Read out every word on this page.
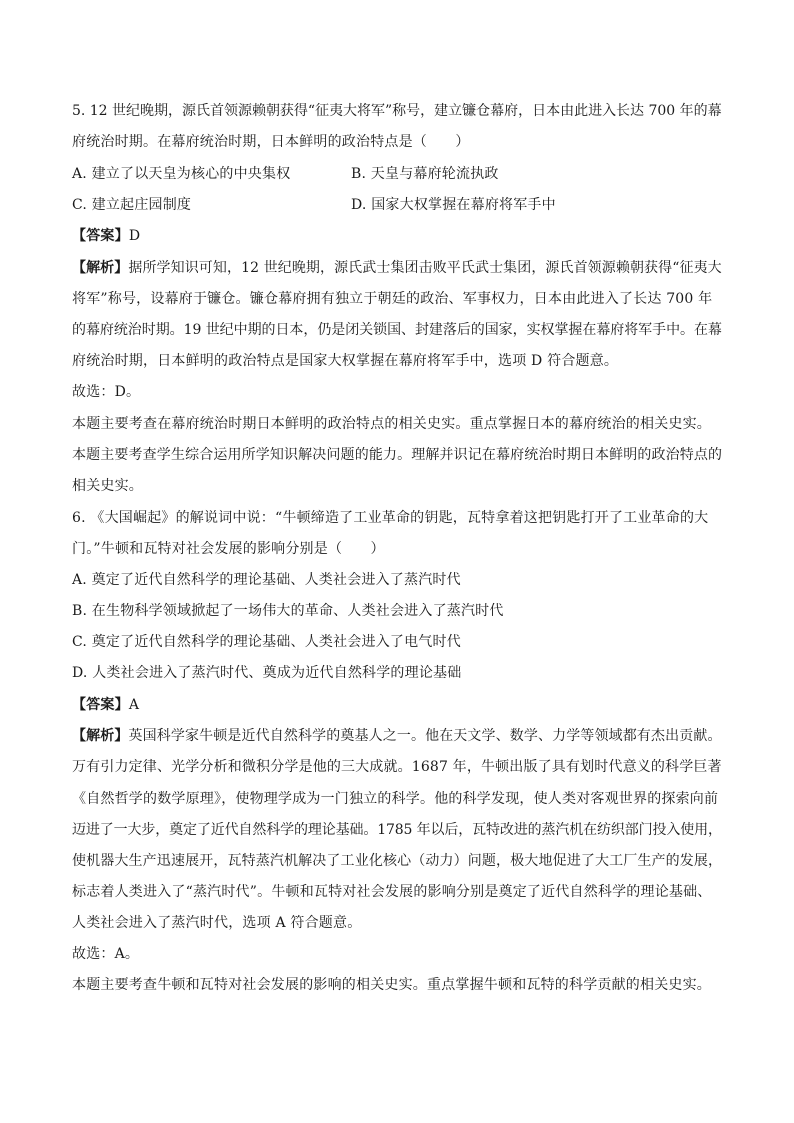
5. 12 世纪晚期，源氏首领源赖朝获得“征夷大将军”称号，建立镰仓幕府，日本由此进入长达 700 年的幕
府统治时期。在幕府统治时期，日本鲜明的政治特点是（　　）
A. 建立了以天皇为核心的中央集权	B. 天皇与幕府轮流执政
C. 建立起庄园制度	D. 国家大权掌握在幕府将军手中
【答案】D
【解析】据所学知识可知，12 世纪晚期，源氏武士集团击败平氏武士集团，源氏首领源赖朝获得“征夷大
将军”称号，设幕府于镰仓。镰仓幕府拥有独立于朝廷的政治、军事权力，日本由此进入了长达 700 年
的幕府统治时期。19 世纪中期的日本，仍是闭关锁国、封建落后的国家，实权掌握在幕府将军手中。在幕
府统治时期，日本鲜明的政治特点是国家大权掌握在幕府将军手中，选项 D 符合题意。
故选：D。
本题主要考查在幕府统治时期日本鲜明的政治特点的相关史实。重点掌握日本的幕府统治的相关史实。
本题主要考查学生综合运用所学知识解决问题的能力。理解并识记在幕府统治时期日本鲜明的政治特点的
相关史实。
6. 《大国崛起》的解说词中说：“牛顿缔造了工业革命的钥匙，瓦特拿着这把钥匙打开了工业革命的大
门。”牛顿和瓦特对社会发展的影响分别是（　　）
A. 奠定了近代自然科学的理论基础、人类社会进入了蒸汽时代
B. 在生物科学领域掀起了一场伟大的革命、人类社会进入了蒸汽时代
C. 奠定了近代自然科学的理论基础、人类社会进入了电气时代
D. 人类社会进入了蒸汽时代、奠成为近代自然科学的理论基础
【答案】A
【解析】英国科学家牛顿是近代自然科学的奠基人之一。他在天文学、数学、力学等领域都有杰出贡献。
万有引力定律、光学分析和微积分学是他的三大成就。1687 年，牛顿出版了具有划时代意义的科学巨著
《自然哲学的数学原理》，使物理学成为一门独立的科学。他的科学发现，使人类对客观世界的探索向前
迈进了一大步，奠定了近代自然科学的理论基础。1785 年以后，瓦特改进的蒸汽机在纺织部门投入使用，
使机器大生产迅速展开，瓦特蒸汽机解决了工业化核心（动力）问题，极大地促进了大工厂生产的发展，
标志着人类进入了“蒸汽时代”。牛顿和瓦特对社会发展的影响分别是奠定了近代自然科学的理论基础、
人类社会进入了蒸汽时代，选项 A 符合题意。
故选：A。
本题主要考查牛顿和瓦特对社会发展的影响的相关史实。重点掌握牛顿和瓦特的科学贡献的相关史实。
